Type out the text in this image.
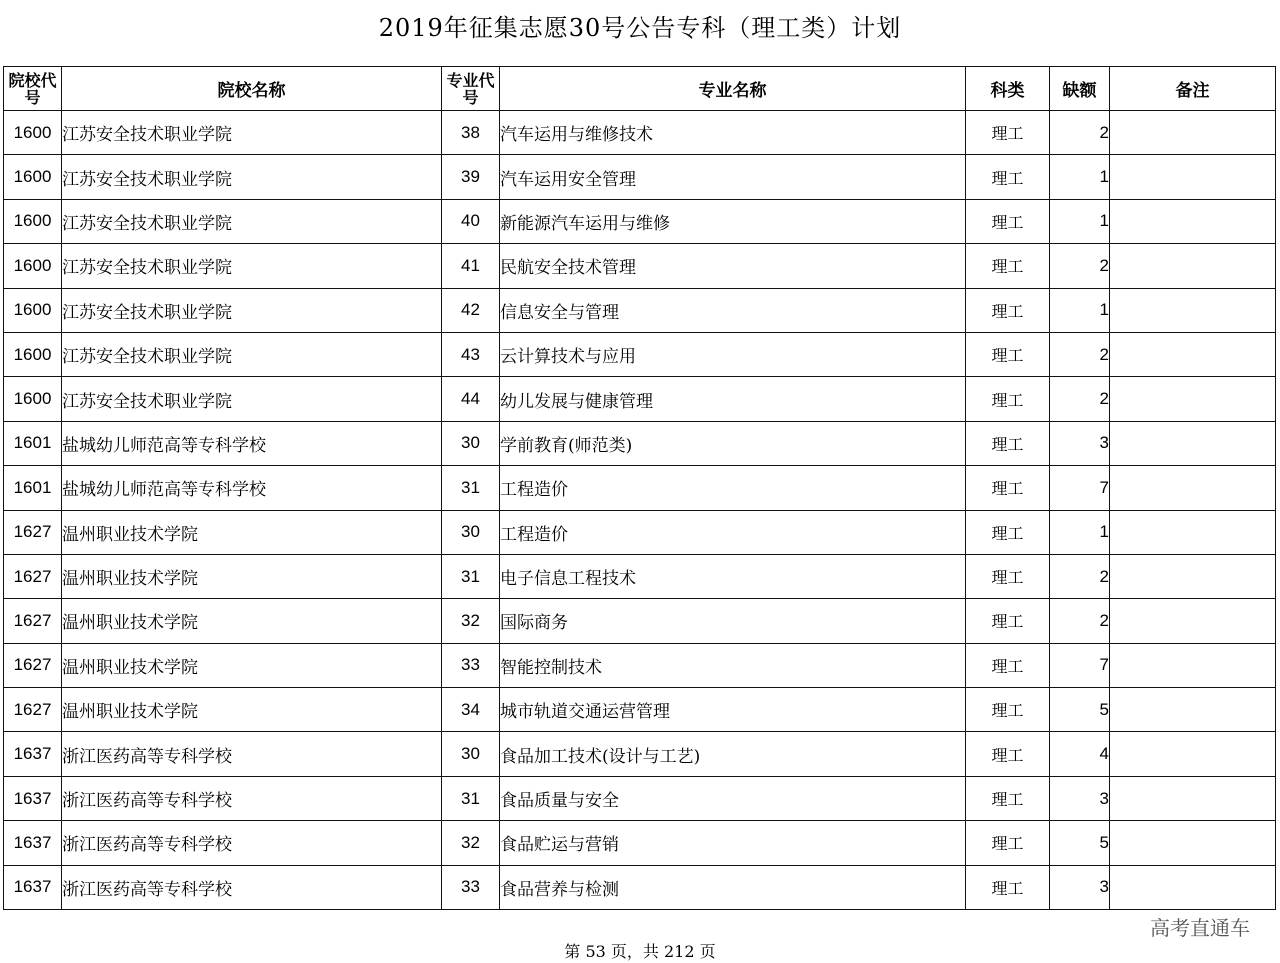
2019年征集志愿30号公告专科（理工类）计划
院校代号	院校名称	专业代号	专业名称	科类	缺额	备注
1600	江苏安全技术职业学院	38	汽车运用与维修技术	理工	2	
1600	江苏安全技术职业学院	39	汽车运用安全管理	理工	1	
1600	江苏安全技术职业学院	40	新能源汽车运用与维修	理工	1	
1600	江苏安全技术职业学院	41	民航安全技术管理	理工	2	
1600	江苏安全技术职业学院	42	信息安全与管理	理工	1	
1600	江苏安全技术职业学院	43	云计算技术与应用	理工	2	
1600	江苏安全技术职业学院	44	幼儿发展与健康管理	理工	2	
1601	盐城幼儿师范高等专科学校	30	学前教育(师范类)	理工	3	
1601	盐城幼儿师范高等专科学校	31	工程造价	理工	7	
1627	温州职业技术学院	30	工程造价	理工	1	
1627	温州职业技术学院	31	电子信息工程技术	理工	2	
1627	温州职业技术学院	32	国际商务	理工	2	
1627	温州职业技术学院	33	智能控制技术	理工	7	
1627	温州职业技术学院	34	城市轨道交通运营管理	理工	5	
1637	浙江医药高等专科学校	30	食品加工技术(设计与工艺)	理工	4	
1637	浙江医药高等专科学校	31	食品质量与安全	理工	3	
1637	浙江医药高等专科学校	32	食品贮运与营销	理工	5	
1637	浙江医药高等专科学校	33	食品营养与检测	理工	3	
高考直通车
第 53 页，共 212 页
